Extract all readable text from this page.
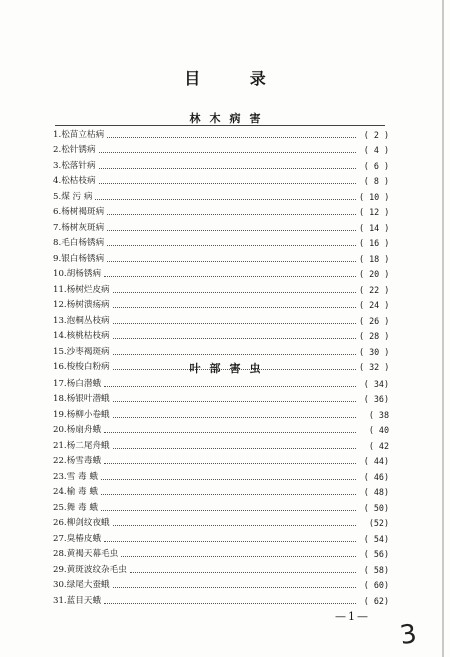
目 录
林木病害
1.松苗立枯病	( 2 )
2.松针锈病	( 4 )
3.松落针病	( 6 )
4.松枯枝病	( 8 )
5.煤 污 病	( 10 )
6.杨树褐斑病	( 12 )
7.杨树灰斑病	( 14 )
8.毛白杨锈病	( 16 )
9.银白杨锈病	( 18 )
10.胡杨锈病	( 20 )
11.杨树烂皮病	( 22 )
12.杨树溃疡病	( 24 )
13.泡桐丛枝病	( 26 )
14.核桃枯枝病	( 28 )
15.沙枣褐斑病	( 30 )
16.梭梭白粉病	( 32 )
叶部害虫
17.杨白潜蛾	( 34)
18.杨银叶潜蛾	( 36)
19.杨柳小卷蛾	( 38
20.杨扇舟蛾	( 40
21.杨二尾舟蛾	( 42
22.杨雪毒蛾	( 44)
23.雪 毒 蛾	( 46)
24.榆 毒 蛾	( 48)
25.舞 毒 蛾	( 50)
26.柳剑纹夜蛾	(52)
27.臭椿皮蛾	( 54)
28.黄褐天幕毛虫	( 56)
29.黄斑波纹杂毛虫	( 58)
30.绿尾大蚕蛾	( 60)
31.蓝目天蛾	( 62)
—1—
3
